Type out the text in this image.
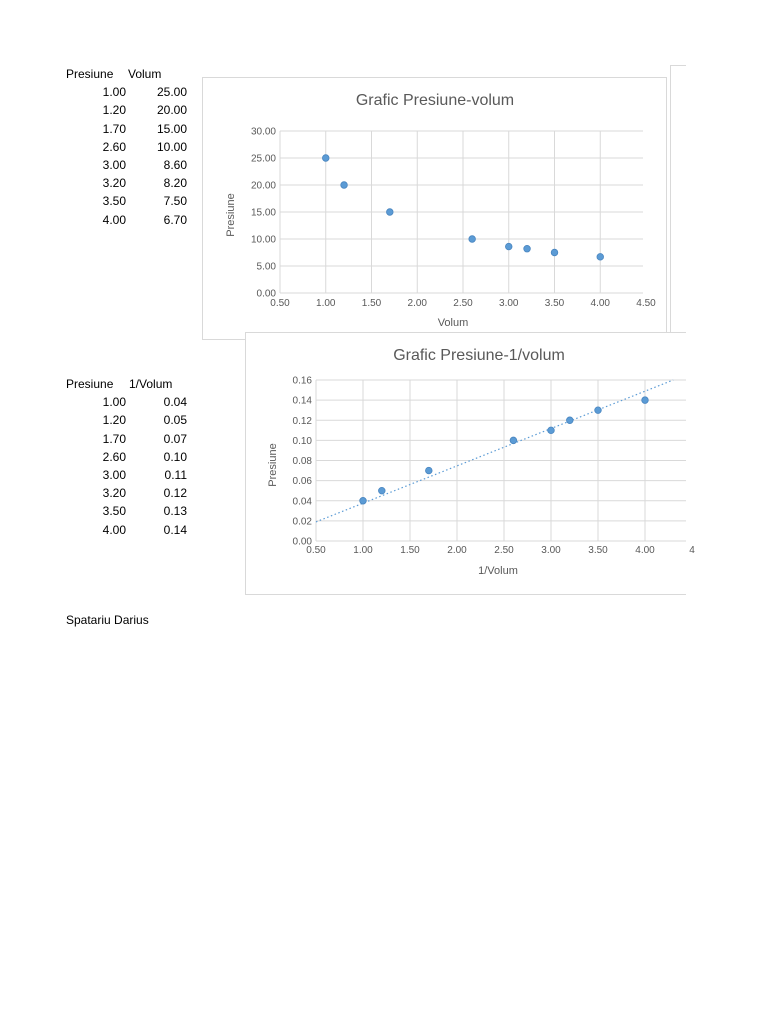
Presiune Volum
1.00	25.00
1.20	20.00
1.70	15.00
2.60	10.00
3.00	8.60
3.20	8.20
3.50	7.50
4.00	6.70
Presiune 1/Volum
1.00	0.04
1.20	0.05
1.70	0.07
2.60	0.10
3.00	0.11
3.20	0.12
3.50	0.13
4.00	0.14
Grafic Presiune-volum
0.50	1.00	1.50	2.00	2.50	3.00	3.50	4.00	4.50
0.00
5.00
10.00
15.00
20.00
25.00
30.00
Volum
Presiune
Grafic Presiune-1/volum
0.50	1.00	1.50	2.00	2.50	3.00	3.50	4.00	4
0.00
0.02
0.04
0.06
0.08
0.10
0.12
0.14
0.16
1/Volum
Presiune
Spatariu Darius
